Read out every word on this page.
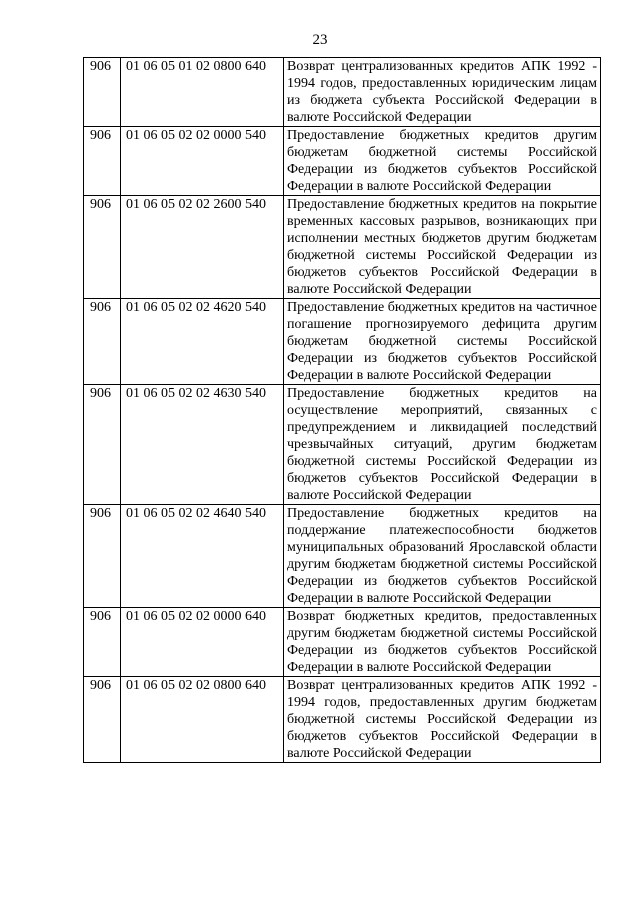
23
906	01 06 05 01 02 0800 640	Возврат централизованных кредитов АПК 1992 - 1994 годов, предоставленных юридическим лицам из бюджета субъекта Российской Федерации в валюте Российской Федерации
906	01 06 05 02 02 0000 540	Предоставление бюджетных кредитов другим бюджетам бюджетной системы Российской Федерации из бюджетов субъектов Российской Федерации в валюте Российской Федерации
906	01 06 05 02 02 2600 540	Предоставление бюджетных кредитов на покрытие временных кассовых разрывов, возникающих при исполнении местных бюджетов другим бюджетам бюджетной системы Российской Федерации из бюджетов субъектов Российской Федерации в валюте Российской Федерации
906	01 06 05 02 02 4620 540	Предоставление бюджетных кредитов на частичное погашение прогнозируемого дефицита другим бюджетам бюджетной системы Российской Федерации из бюджетов субъектов Российской Федерации в валюте Российской Федерации
906	01 06 05 02 02 4630 540	Предоставление бюджетных кредитов на осуществление мероприятий, связанных с предупреждением и ликвидацией последствий чрезвычайных ситуаций, другим бюджетам бюджетной системы Российской Федерации из бюджетов субъектов Российской Федерации в валюте Российской Федерации
906	01 06 05 02 02 4640 540	Предоставление бюджетных кредитов на поддержание платежеспособности бюджетов муниципальных образований Ярославской области другим бюджетам бюджетной системы Российской Федерации из бюджетов субъектов Российской Федерации в валюте Российской Федерации
906	01 06 05 02 02 0000 640	Возврат бюджетных кредитов, предоставленных другим бюджетам бюджетной системы Российской Федерации из бюджетов субъектов Российской Федерации в валюте Российской Федерации
906	01 06 05 02 02 0800 640	Возврат централизованных кредитов АПК 1992 - 1994 годов, предоставленных другим бюджетам бюджетной системы Российской Федерации из бюджетов субъектов Российской Федерации в валюте Российской Федерации
